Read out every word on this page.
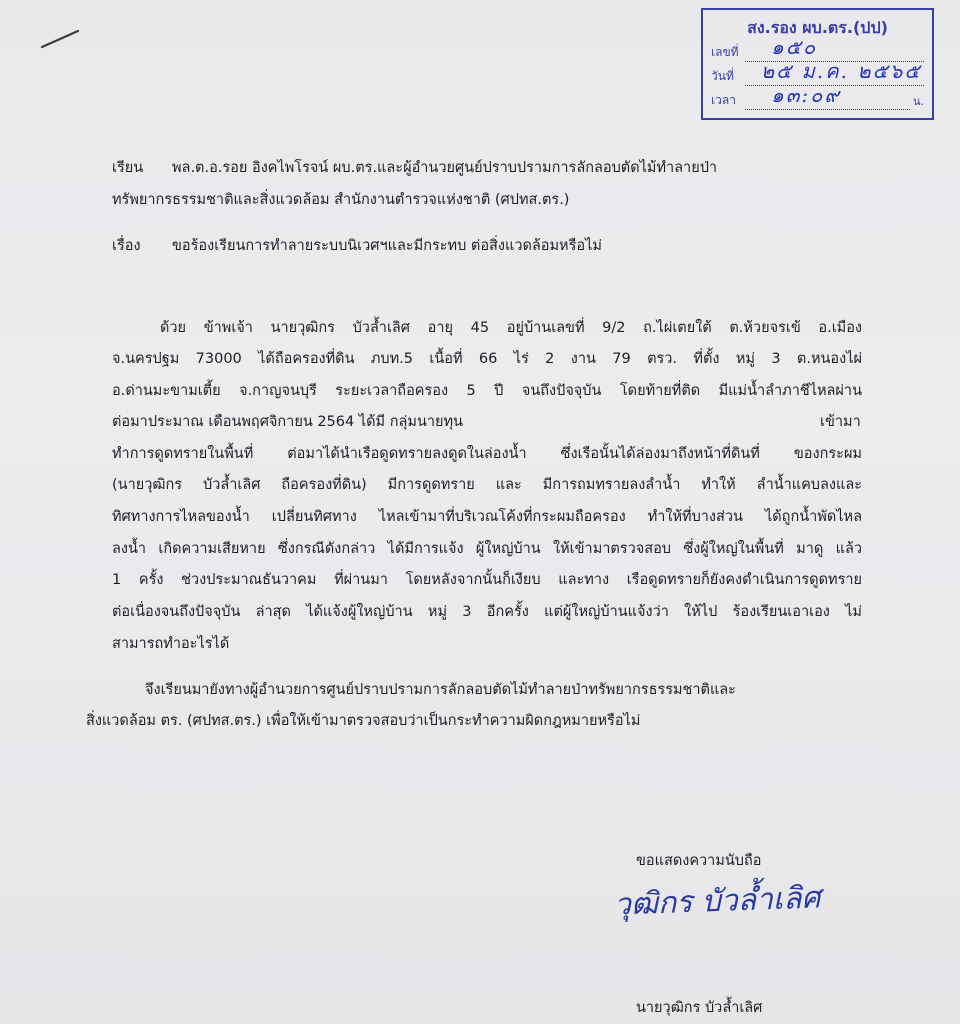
สง.รอง ผบ.ตร.(ปป)
เลขที่ ๑๕๐
วันที่ ๒๕ ม.ค. ๒๕๖๕
เวลา ๑๓:๐๙	น.
เรียน พล.ต.อ.รอย อิงคไพโรจน์ ผบ.ตร.และผู้อำนวยศูนย์ปราบปรามการลักลอบตัดไม้ทำลายป่า
ทรัพยากรธรรมชาติและสิ่งแวดล้อม สำนักงานตำรวจแห่งชาติ (ศปทส.ตร.)
เรื่อง ขอร้องเรียนการทำลายระบบนิเวศฯและมีกระทบ ต่อสิ่งแวดล้อมหรือไม่
ด้วย ข้าพเจ้า นายวุฒิกร บัวล้ำเลิศ อายุ 45 อยู่บ้านเลขที่ 9/2 ถ.ไผ่เตยใต้ ต.ห้วยจรเข้ อ.เมือง
จ.นครปฐม 73000 ได้ถือครองที่ดิน ภบท.5 เนื้อที่ 66 ไร่ 2 งาน 79 ตรว. ที่ตั้ง หมู่ 3 ต.หนองไผ่
อ.ด่านมะขามเตี้ย จ.กาญจนบุรี ระยะเวลาถือครอง 5 ปี จนถึงปัจจุบัน โดยท้ายที่ติด มีแม่น้ำลำภาชีไหลผ่าน
ต่อมาประมาณ เดือนพฤศจิกายน 2564 ได้มี กลุ่มนายทุน	เข้ามา
ทำการดูดทรายในพื้นที่ ต่อมาได้นำเรือดูดทรายลงดูดในล่องน้ำ ซึ่งเรือนั้นได้ล่องมาถึงหน้าที่ดินที่ ของกระผม
(นายวุฒิกร บัวล้ำเลิศ ถือครองที่ดิน) มีการดูดทราย และ มีการถมทรายลงลำน้ำ ทำให้ ลำน้ำแคบลงและ
ทิศทางการไหลของน้ำ เปลี่ยนทิศทาง ไหลเข้ามาที่บริเวณโค้งที่กระผมถือครอง ทำให้ที่บางส่วน ได้ถูกน้ำพัดไหล
ลงน้ำ เกิดความเสียหาย ซึ่งกรณีดังกล่าว ได้มีการแจ้ง ผู้ใหญ่บ้าน ให้เข้ามาตรวจสอบ ซึ่งผู้ใหญ่ในพื้นที่ มาดู แล้ว
1 ครั้ง ช่วงประมาณธันวาคม ที่ผ่านมา โดยหลังจากนั้นก็เงียบ และทาง เรือดูดทรายก็ยังคงดำเนินการดูดทราย
ต่อเนื่องจนถึงปัจจุบัน ล่าสุด ได้แจ้งผู้ใหญ่บ้าน หมู่ 3 อีกครั้ง แต่ผู้ใหญ่บ้านแจ้งว่า ให้ไป ร้องเรียนเอาเอง ไม่
สามารถทำอะไรได้
จึงเรียนมายังทางผู้อำนวยการศูนย์ปราบปรามการลักลอบตัดไม้ทำลายป่าทรัพยากรธรรมชาติและ
สิ่งแวดล้อม ตร. (ศปทส.ตร.) เพื่อให้เข้ามาตรวจสอบว่าเป็นกระทำความผิดกฎหมายหรือไม่
ขอแสดงความนับถือ
วุฒิกร บัวล้ำเลิศ
นายวุฒิกร บัวล้ำเลิศ
